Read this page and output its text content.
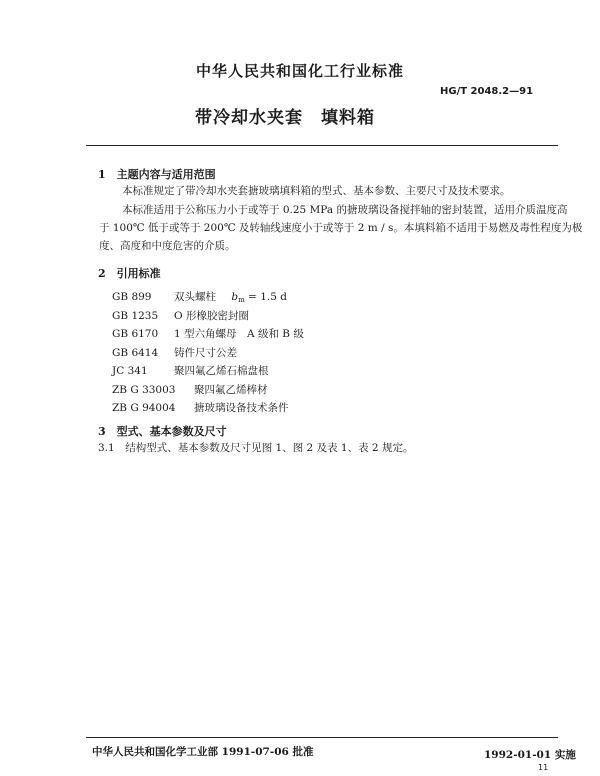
中华人民共和国化工行业标准
HG/T 2048.2—91
带冷却水夹套　填料箱
1　主题内容与适用范围
本标准规定了带冷却水夹套搪玻璃填料箱的型式、基本参数、主要尺寸及技术要求。
本标准适用于公称压力小于或等于 0.25 MPa 的搪玻璃设备搅拌轴的密封装置，适用介质温度高
于 100℃ 低于或等于 200℃ 及转轴线速度小于或等于 2 m / s。本填料箱不适用于易燃及毒性程度为极
度、高度和中度危害的介质。
2　引用标准
GB 899 双头螺柱 $b_m = 1.5$ d
GB 1235 O 形橡胶密封圈
GB 6170 1 型六角螺母　A 级和 B 级
GB 6414 铸件尺寸公差
JC 341	聚四氟乙烯石棉盘根
ZB G 33003 聚四氟乙烯棒材
ZB G 94004 搪玻璃设备技术条件
3　型式、基本参数及尺寸
3.1　结构型式、基本参数及尺寸见图 1、图 2 及表 1、表 2 规定。
中华人民共和国化学工业部 1991-07-06 批准	1992-01-01 实施
11
